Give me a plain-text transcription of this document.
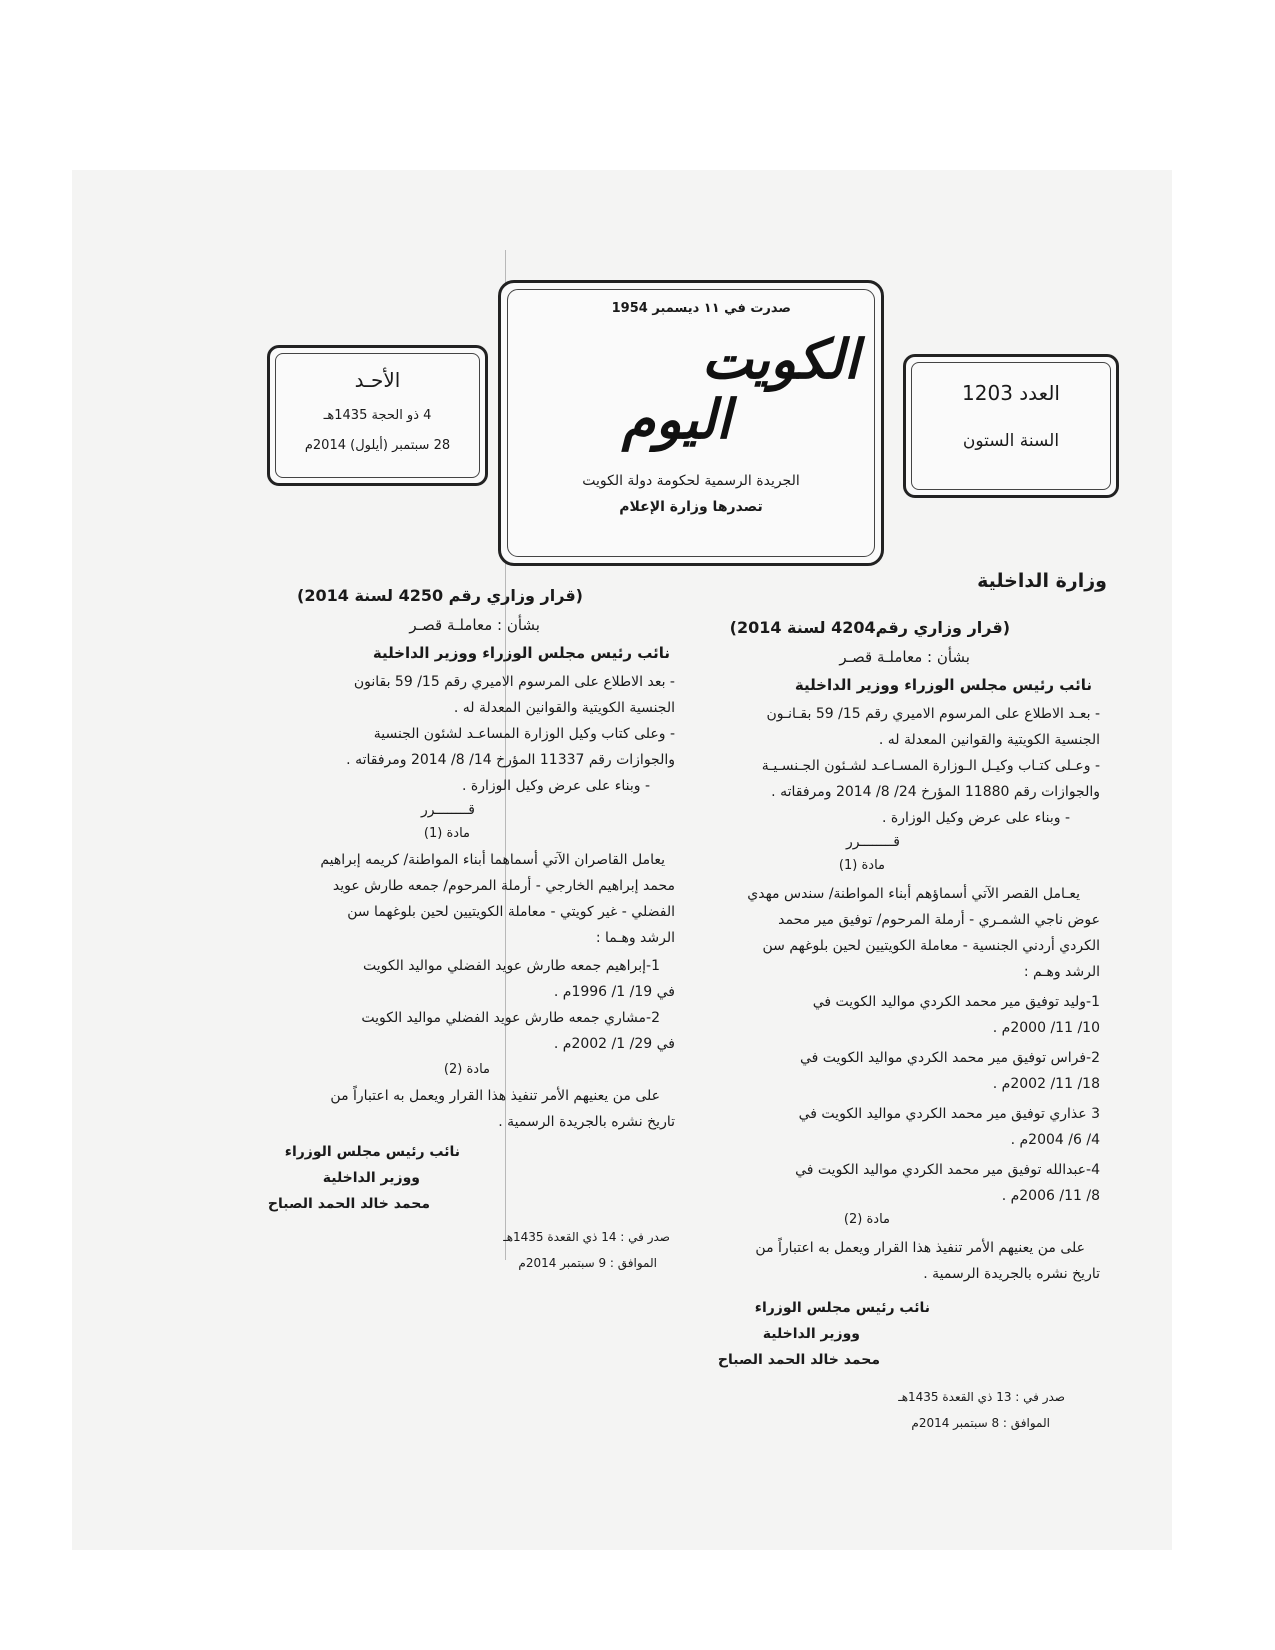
صدرت في ١١ ديسمبر 1954
الكويت
اليوم
الجريدة الرسمية لحكومة دولة الكويت
تصدرها وزارة الإعلام
الأحـد
4 ذو الحجة 1435هـ
28 سبتمبر (أيلول) 2014م
العدد 1203
السنة الستون
وزارة الداخلية
(قرار وزاري رقم4204 لسنة 2014)
بشأن : معاملـة قصـر
نائب رئيس مجلس الوزراء ووزير الداخلية
- بعـد الاطلاع على المرسوم الاميري رقم 15/ 59 بقـانـون
الجنسية الكويتية والقوانين المعدلة له .
- وعـلى كتـاب وكيـل الـوزارة المسـاعـد لشـئون الجـنسـيـة
والجوازات رقم 11880 المؤرخ 24/ 8/ 2014 ومرفقاته .
- وبناء على عرض وكيل الوزارة .
قــــــــرر
مادة (1)
يعـامل القصر الآتي أسماؤهم أبناء المواطنة/ سندس مهدي
عوض ناجي الشمـري - أرملة المرحوم/ توفيق مير محمد
الكردي أردني الجنسية - معاملة الكويتيين لحين بلوغهم سن
الرشد وهـم :
1-وليد توفيق مير محمد الكردي مواليد الكويت في
10/ 11/ 2000م .
2-فراس توفيق مير محمد الكردي مواليد الكويت في
18/ 11/ 2002م .
3 عذاري توفيق مير محمد الكردي مواليد الكويت في
4/ 6/ 2004م .
4-عبدالله توفيق مير محمد الكردي مواليد الكويت في
8/ 11/ 2006م .
مادة (2)
على من يعنيهم الأمر تنفيذ هذا القرار ويعمل به اعتباراً من
تاريخ نشره بالجريدة الرسمية .
نائب رئيس مجلس الوزراء
ووزير الداخلية
محمد خالد الحمد الصباح
صدر في : 13 ذي القعدة 1435هـ
الموافق : 8 سبتمبر 2014م
(قرار وزاري رقم 4250 لسنة 2014)
بشأن : معاملـة قصـر
نائب رئيس مجلس الوزراء ووزير الداخلية
- بعد الاطلاع على المرسوم الاميري رقم 15/ 59 بقانون
الجنسية الكويتية والقوانين المعدلة له .
- وعلى كتاب وكيل الوزارة المساعـد لشئون الجنسية
والجوازات رقم 11337 المؤرخ 14/ 8/ 2014 ومرفقاته .
- وبناء على عرض وكيل الوزارة .
قــــــــرر
مادة (1)
يعامل القاصران الآتي أسماهما أبناء المواطنة/ كريمه إبراهيم
محمد إبراهيم الخارجي - أرملة المرحوم/ جمعه طارش عويد
الفضلي - غير كويتي - معاملة الكويتيين لحين بلوغهما سن
الرشد وهـما :
1-إبراهيم جمعه طارش عويد الفضلي مواليد الكويت
في 19/ 1/ 1996م .
2-مشاري جمعه طارش عويد الفضلي مواليد الكويت
في 29/ 1/ 2002م .
مادة (2)
على من يعنيهم الأمر تنفيذ هذا القرار ويعمل به اعتباراً من
تاريخ نشره بالجريدة الرسمية .
نائب رئيس مجلس الوزراء
ووزير الداخلية
محمد خالد الحمد الصباح
صدر في : 14 ذي القعدة 1435هـ
الموافق : 9 سبتمبر 2014م
